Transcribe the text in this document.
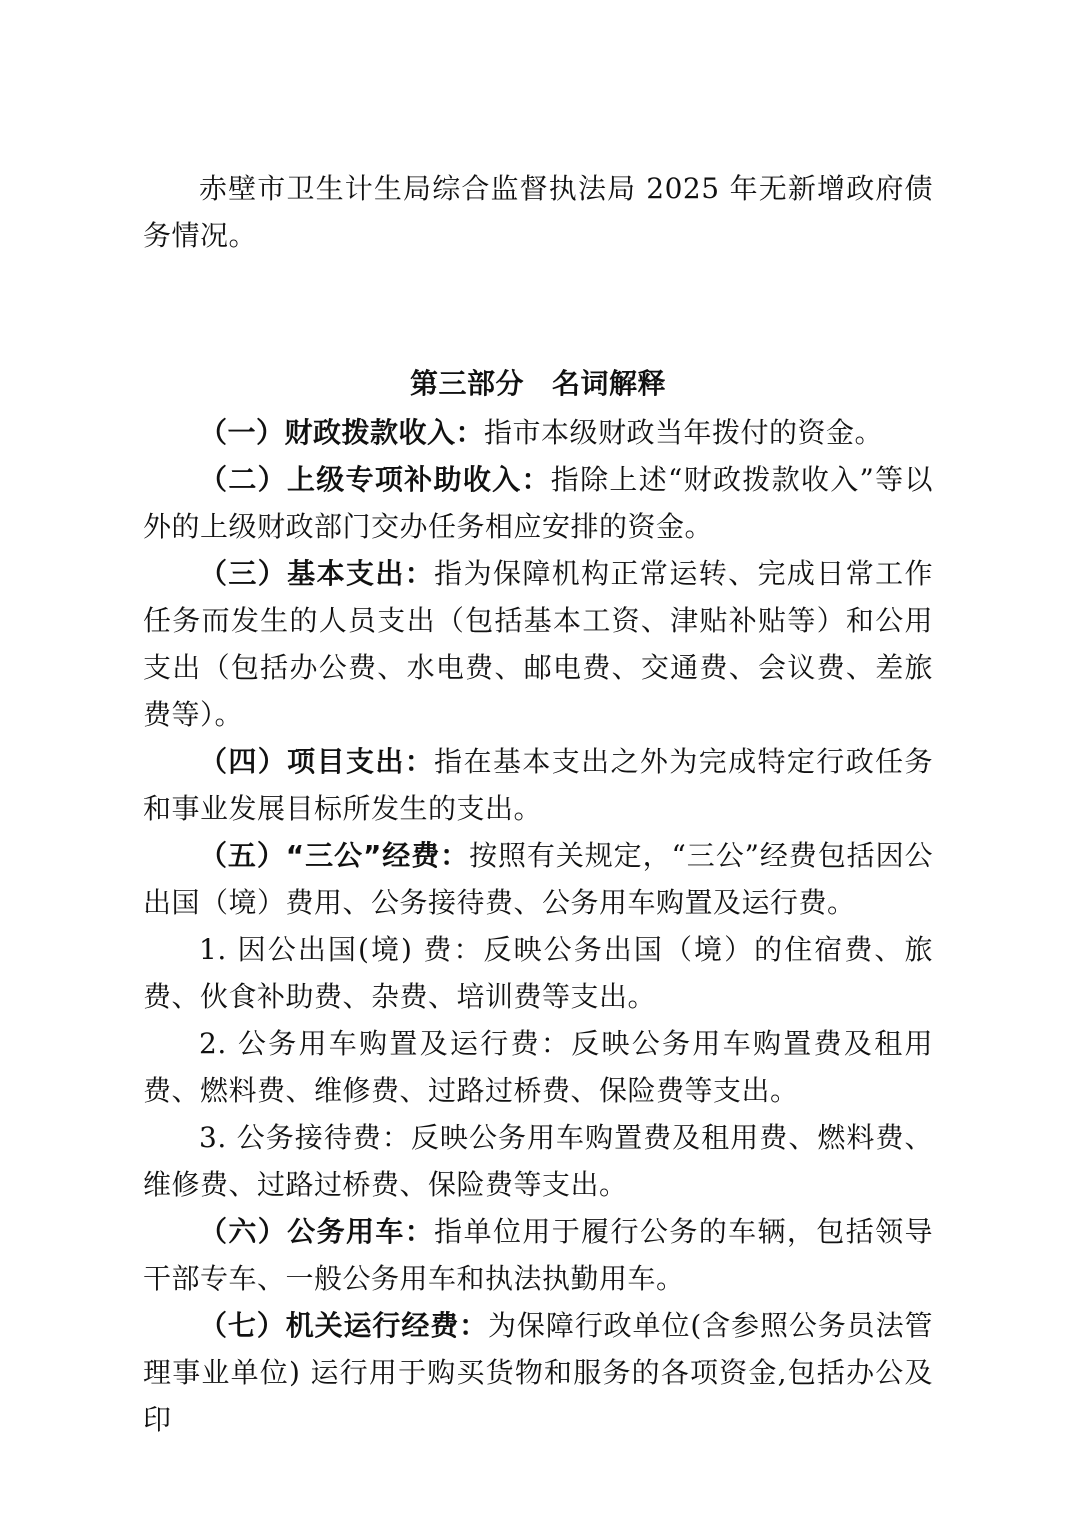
赤壁市卫生计生局综合监督执法局 2025 年无新增政府债务情况。

第三部分 名词解释

（一）财政拨款收入：指市本级财政当年拨付的资金。

（二）上级专项补助收入：指除上述“财政拨款收入”等以外的上级财政部门交办任务相应安排的资金。

（三）基本支出：指为保障机构正常运转、完成日常工作任务而发生的人员支出（包括基本工资、津贴补贴等）和公用支出（包括办公费、水电费、邮电费、交通费、会议费、差旅费等）。

（四）项目支出：指在基本支出之外为完成特定行政任务和事业发展目标所发生的支出。

（五）“三公”经费：按照有关规定，“三公”经费包括因公出国（境）费用、公务接待费、公务用车购置及运行费。

1. 因公出国(境) 费：反映公务出国（境）的住宿费、旅费、伙食补助费、杂费、培训费等支出。

2. 公务用车购置及运行费：反映公务用车购置费及租用费、燃料费、维修费、过路过桥费、保险费等支出。

3. 公务接待费：反映公务用车购置费及租用费、燃料费、维修费、过路过桥费、保险费等支出。

（六）公务用车：指单位用于履行公务的车辆，包括领导干部专车、一般公务用车和执法执勤用车。

（七）机关运行经费：为保障行政单位(含参照公务员法管理事业单位) 运行用于购买货物和服务的各项资金,包括办公及印
